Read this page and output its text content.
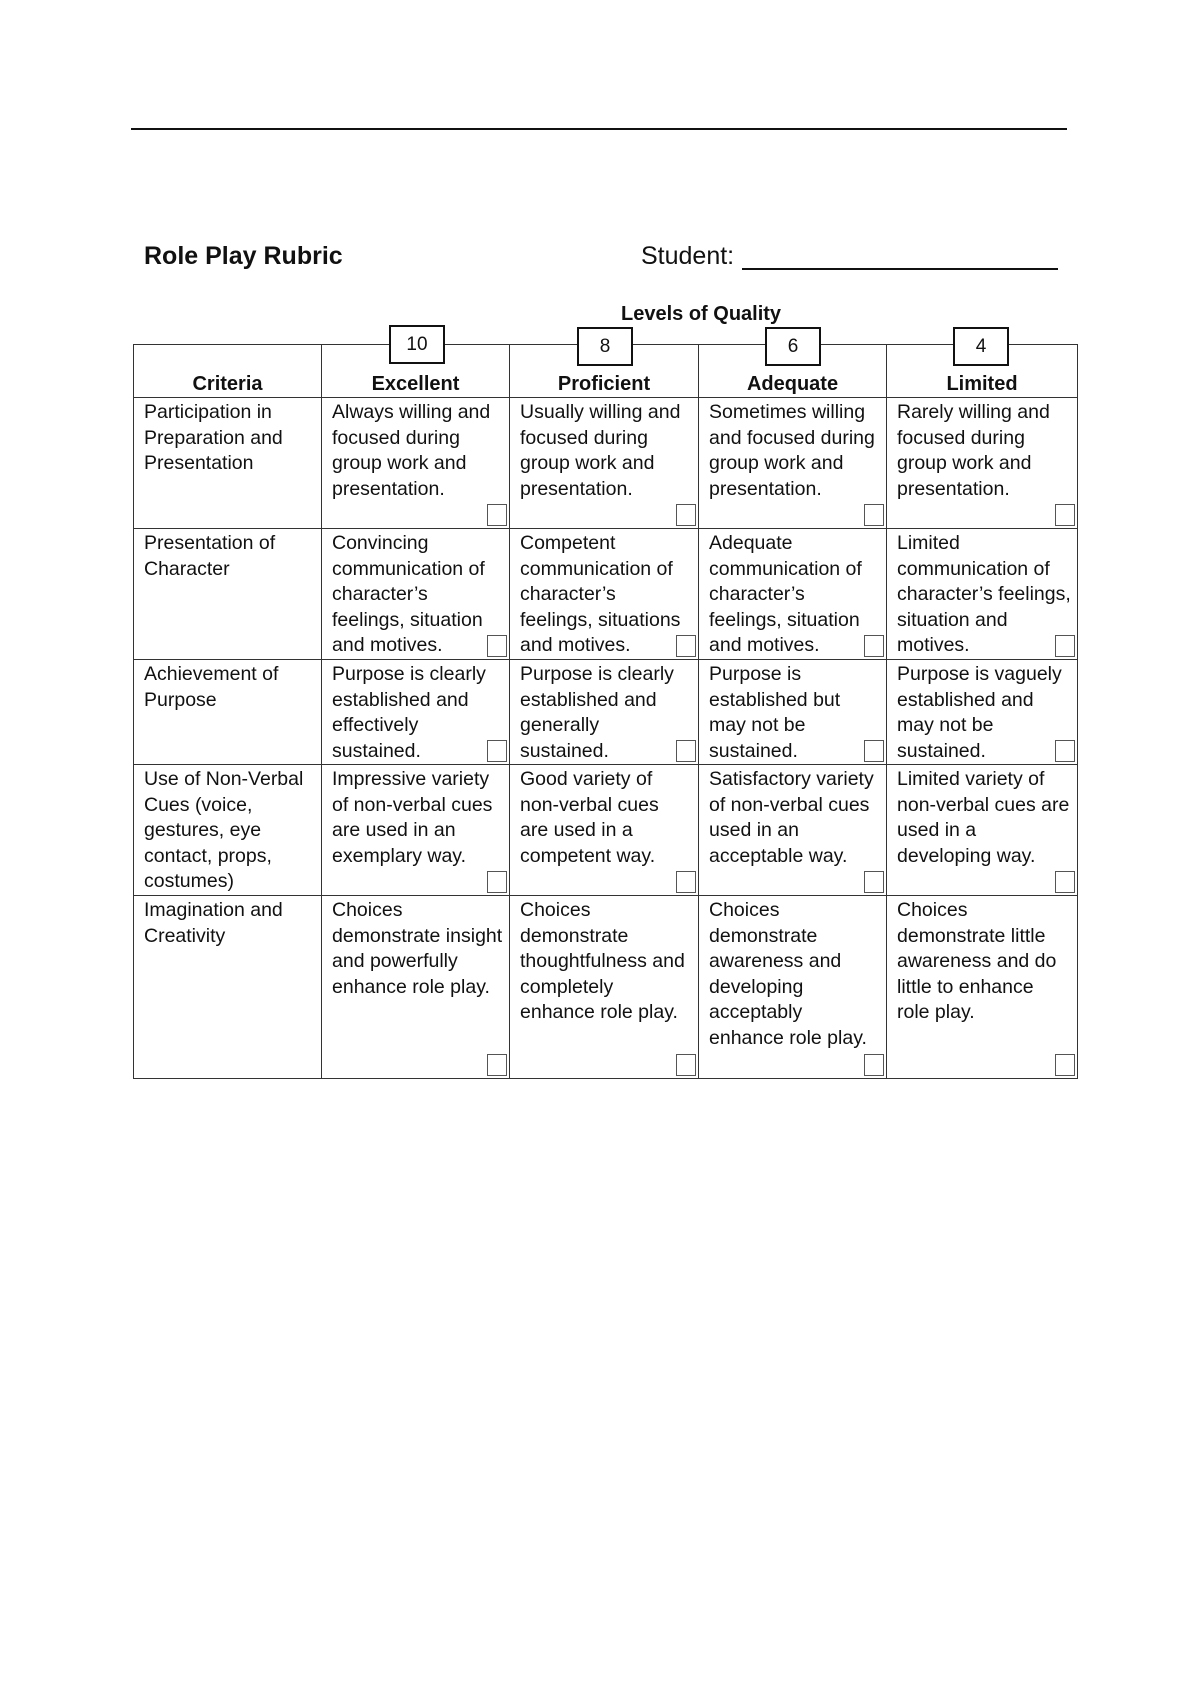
Role Play Rubric	Student:
Levels of Quality
10	8	6	4
Criteria	Excellent	Proficient	Adequate	Limited
Participation in Preparation and Presentation	Always willing and focused during group work and presentation.	Usually willing and focused during group work and presentation.	Sometimes willing and focused during group work and presentation.	Rarely willing and focused during group work and presentation.

Presentation of Character	Convincing communication of character’s feelings, situation and motives.	Competent communication of character’s feelings, situations and motives.	Adequate communication of character’s feelings, situation and motives.	Limited communication of character’s feelings, situation and motives.

Achievement of Purpose	Purpose is clearly established and effectively sustained.	Purpose is clearly established and generally sustained.	Purpose is established but may not be sustained.	Purpose is vaguely established and may not be sustained.

Use of Non-Verbal Cues (voice, gestures, eye contact, props, costumes)	Impressive variety of non-verbal cues are used in an exemplary way.	Good variety of non-verbal cues are used in a competent way.	Satisfactory variety of non-verbal cues used in an acceptable way.	Limited variety of non-verbal cues are used in a developing way.

Imagination and Creativity	Choices demonstrate insight and powerfully enhance role play.	Choices demonstrate thoughtfulness and completely enhance role play.	Choices demonstrate awareness and developing acceptably enhance role play.	Choices demonstrate little awareness and do little to enhance role play.
